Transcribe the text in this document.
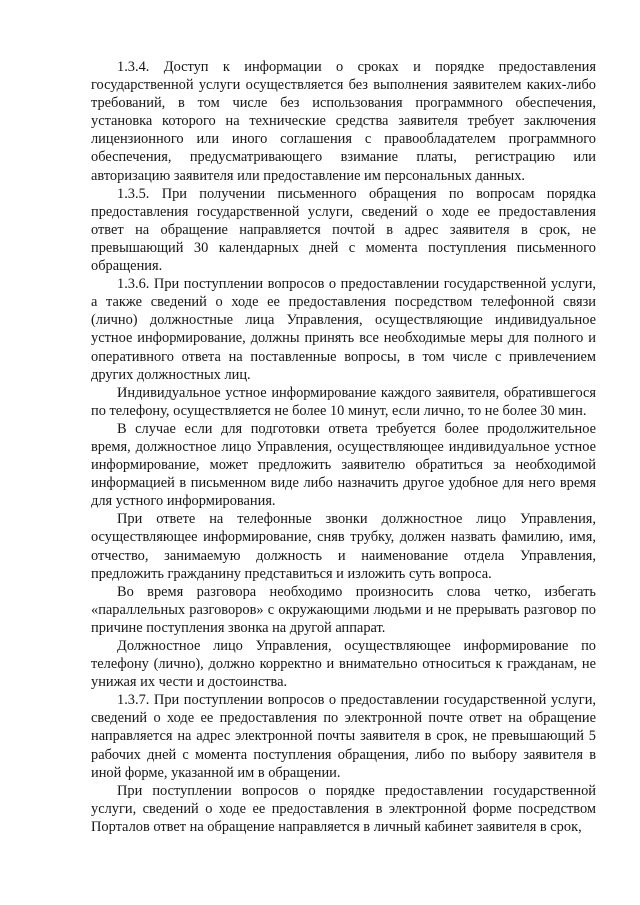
1.3.4. Доступ к информации о сроках и порядке предоставления государственной услуги осуществляется без выполнения заявителем каких-либо требований, в том числе без использования программного обеспечения, установка которого на технические средства заявителя требует заключения лицензионного или иного соглашения с правообладателем программного обеспечения, предусматривающего взимание платы, регистрацию или авторизацию заявителя или предоставление им персональных данных.

1.3.5. При получении письменного обращения по вопросам порядка предоставления государственной услуги, сведений о ходе ее предоставления ответ на обращение направляется почтой в адрес заявителя в срок, не превышающий 30 календарных дней с момента поступления письменного обращения.

1.3.6. При поступлении вопросов о предоставлении государственной услуги, а также сведений о ходе ее предоставления посредством телефонной связи (лично) должностные лица Управления, осуществляющие индивидуальное устное информирование, должны принять все необходимые меры для полного и оперативного ответа на поставленные вопросы, в том числе с привлечением других должностных лиц.

Индивидуальное устное информирование каждого заявителя, обратившегося по телефону, осуществляется не более 10 минут, если лично, то не более 30 мин.

В случае если для подготовки ответа требуется более продолжительное время, должностное лицо Управления, осуществляющее индивидуальное устное информирование, может предложить заявителю обратиться за необходимой информацией в письменном виде либо назначить другое удобное для него время для устного информирования.

При ответе на телефонные звонки должностное лицо Управления, осуществляющее информирование, сняв трубку, должен назвать фамилию, имя, отчество, занимаемую должность и наименование отдела Управления, предложить гражданину представиться и изложить суть вопроса.

Во время разговора необходимо произносить слова четко, избегать «параллельных разговоров» с окружающими людьми и не прерывать разговор по причине поступления звонка на другой аппарат.

Должностное лицо Управления, осуществляющее информирование по телефону (лично), должно корректно и внимательно относиться к гражданам, не унижая их чести и достоинства.

1.3.7. При поступлении вопросов о предоставлении государственной услуги, сведений о ходе ее предоставления по электронной почте ответ на обращение направляется на адрес электронной почты заявителя в срок, не превышающий 5 рабочих дней с момента поступления обращения, либо по выбору заявителя в иной форме, указанной им в обращении.

При поступлении вопросов о порядке предоставлении государственной услуги, сведений о ходе ее предоставления в электронной форме посредством Порталов ответ на обращение направляется в личный кабинет заявителя в срок,
